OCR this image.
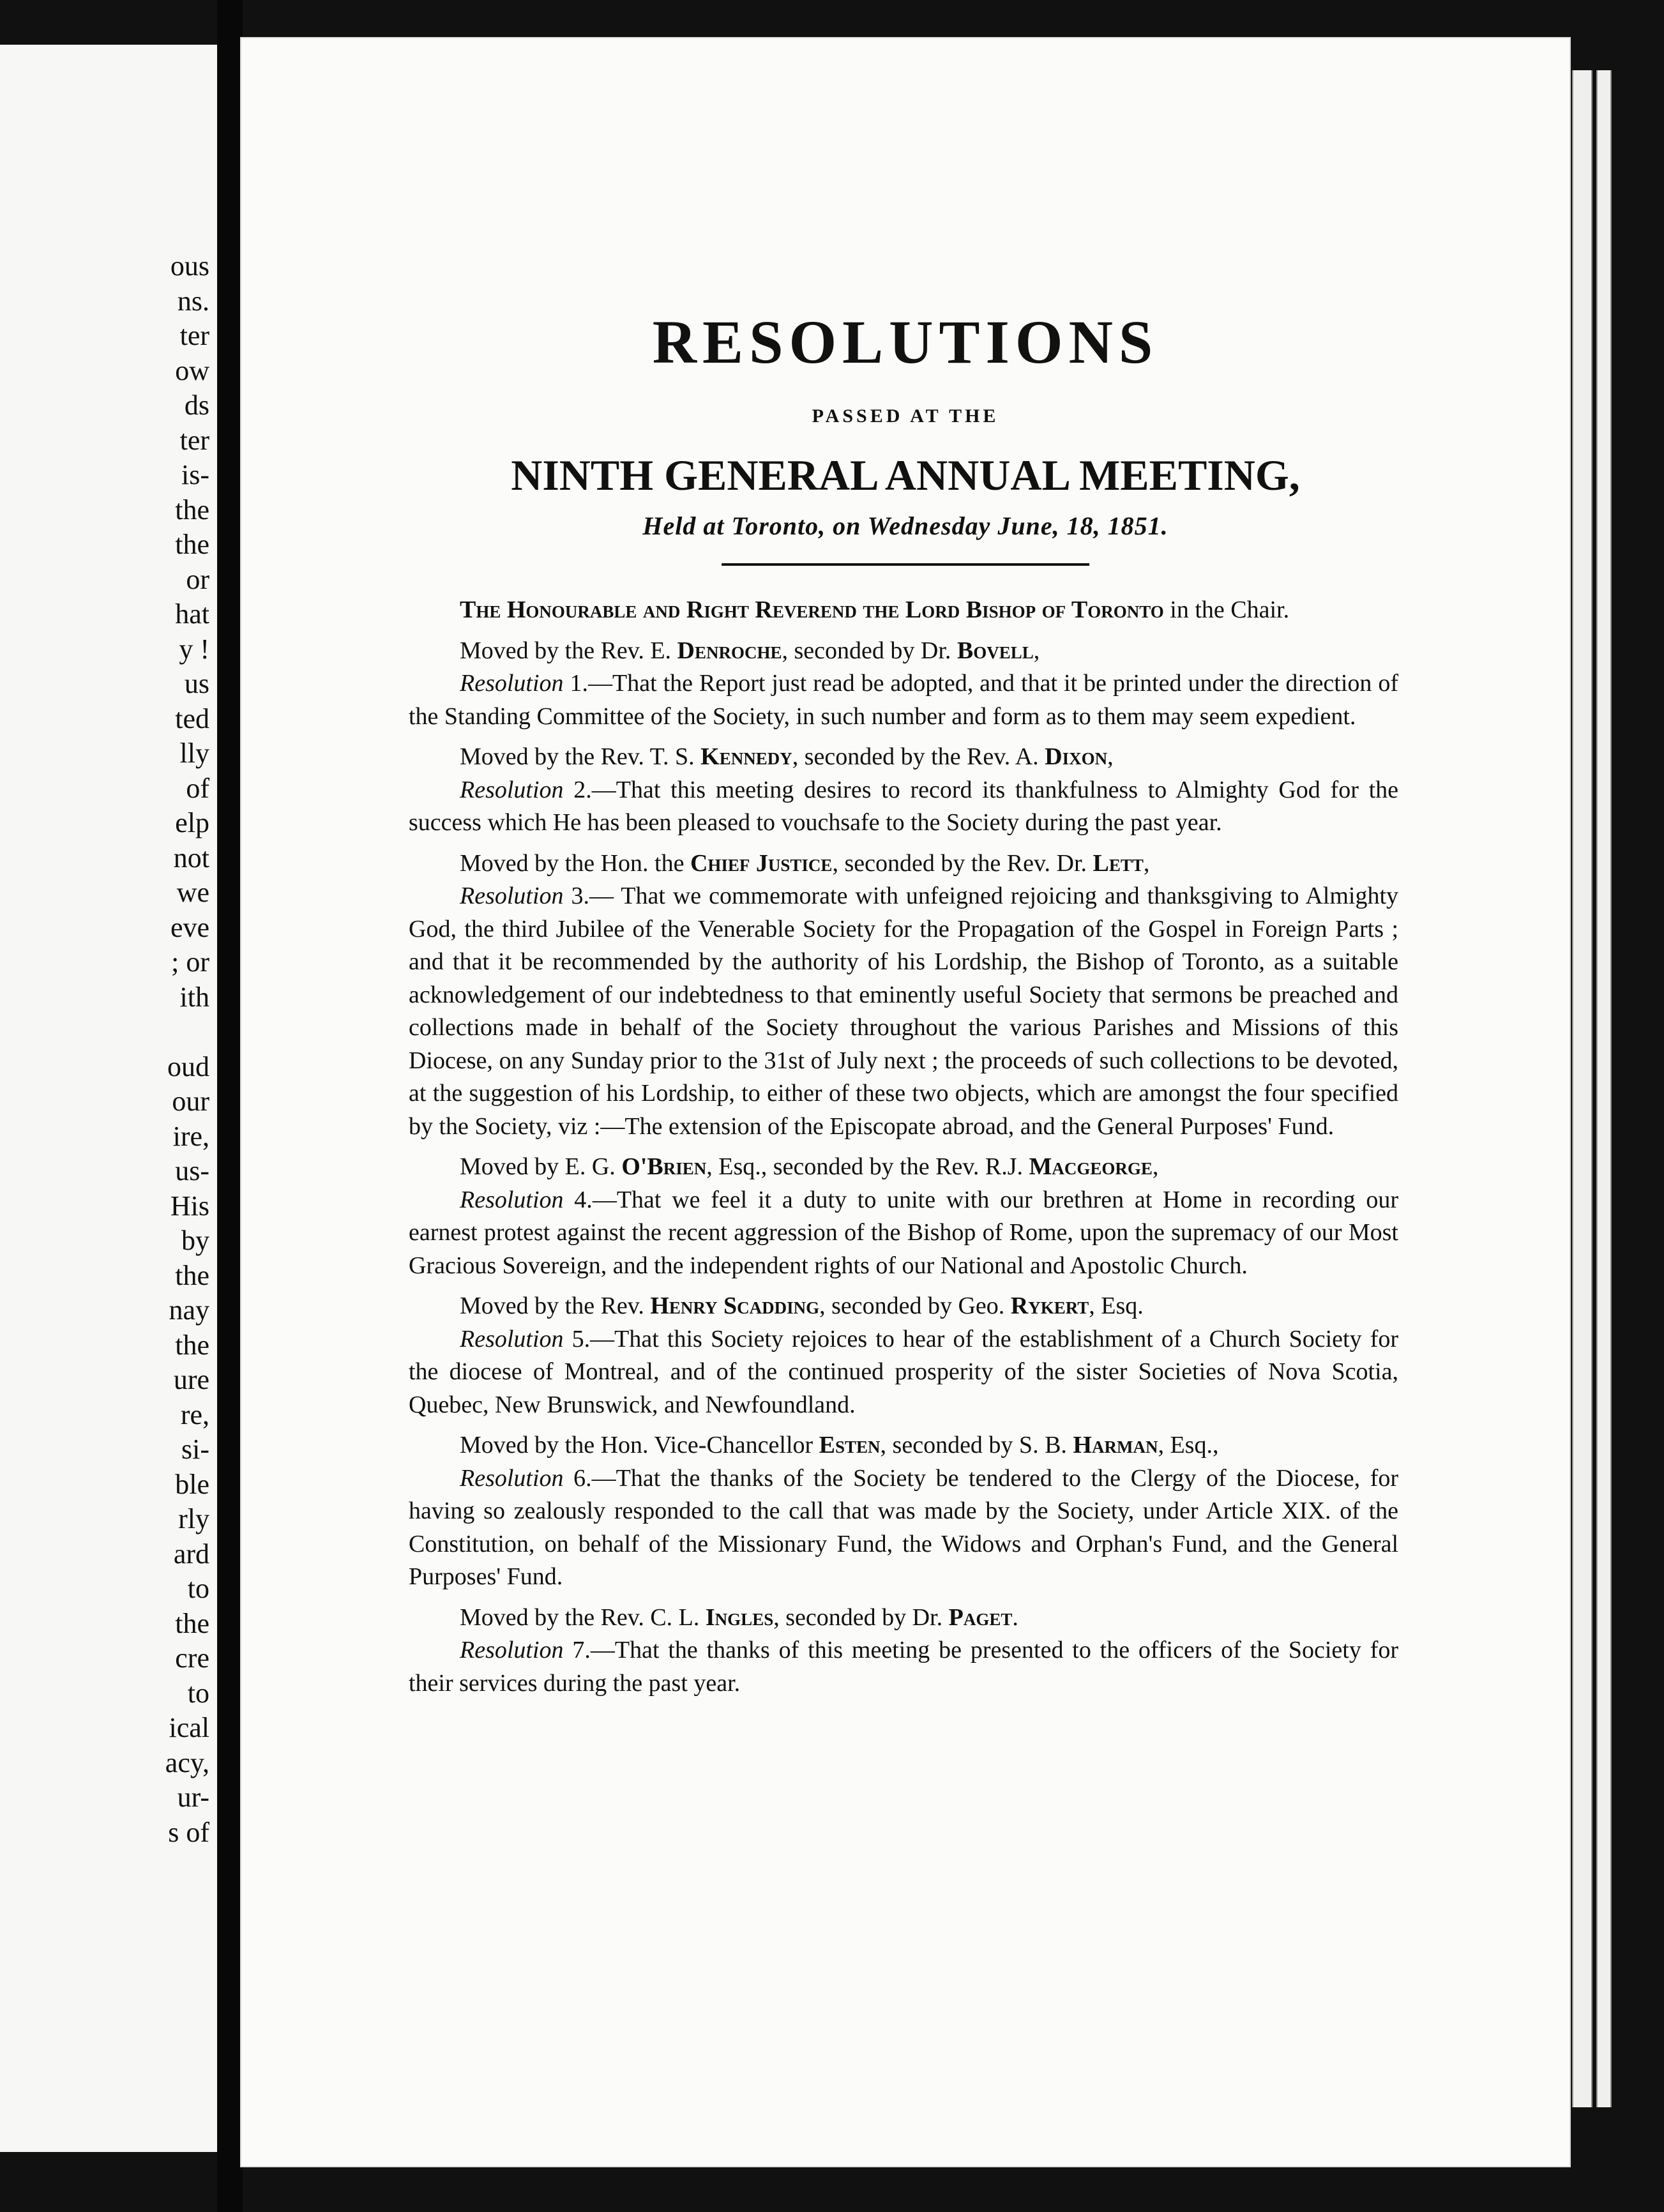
ous
ns.
ter
ow
ds
ter
is-
the
the
or
hat
y !
us
ted
lly
of
elp
not
we
eve
; or
ith
oud
our
ire,
us-
His
by
the
nay
the
ure
re,
si-
ble
rly
ard
to
the
cre
to
ical
acy,
ur-
s of
RESOLUTIONS
PASSED AT THE
NINTH GENERAL ANNUAL MEETING,
Held at Toronto, on Wednesday June, 18, 1851.

The Honourable and Right Reverend the Lord Bishop of Toronto in the Chair.

Moved by the Rev. E. Denroche, seconded by Dr. Bovell,

Resolution 1.—That the Report just read be adopted, and that it be printed under the direction of the Standing Committee of the Society, in such number and form as to them may seem expedient.

Moved by the Rev. T. S. Kennedy, seconded by the Rev. A. Dixon,

Resolution 2.—That this meeting desires to record its thankfulness to Almighty God for the success which He has been pleased to vouchsafe to the Society during the past year.

Moved by the Hon. the Chief Justice, seconded by the Rev. Dr. Lett,

Resolution 3.— That we commemorate with unfeigned rejoicing and thanksgiving to Almighty God, the third Jubilee of the Venerable Society for the Propagation of the Gospel in Foreign Parts ; and that it be recommended by the authority of his Lordship, the Bishop of Toronto, as a suitable acknowledgement of our indebtedness to that eminently useful Society that sermons be preached and collections made in behalf of the Society throughout the various Parishes and Missions of this Diocese, on any Sunday prior to the 31st of July next ; the proceeds of such collections to be devoted, at the suggestion of his Lordship, to either of these two objects, which are amongst the four specified by the Society, viz :—The extension of the Episcopate abroad, and the General Purposes' Fund.

Moved by E. G. O'Brien, Esq., seconded by the Rev. R.J. Macgeorge,

Resolution 4.—That we feel it a duty to unite with our brethren at Home in recording our earnest protest against the recent aggression of the Bishop of Rome, upon the supremacy of our Most Gracious Sovereign, and the independent rights of our National and Apostolic Church.

Moved by the Rev. Henry Scadding, seconded by Geo. Rykert, Esq.

Resolution 5.—That this Society rejoices to hear of the establishment of a Church Society for the diocese of Montreal, and of the continued prosperity of the sister Societies of Nova Scotia, Quebec, New Brunswick, and Newfoundland.

Moved by the Hon. Vice-Chancellor Esten, seconded by S. B. Harman, Esq.,

Resolution 6.—That the thanks of the Society be tendered to the Clergy of the Diocese, for having so zealously responded to the call that was made by the Society, under Article XIX. of the Constitution, on behalf of the Missionary Fund, the Widows and Orphan's Fund, and the General Purposes' Fund.

Moved by the Rev. C. L. Ingles, seconded by Dr. Paget.

Resolution 7.—That the thanks of this meeting be presented to the officers of the Society for their services during the past year.
